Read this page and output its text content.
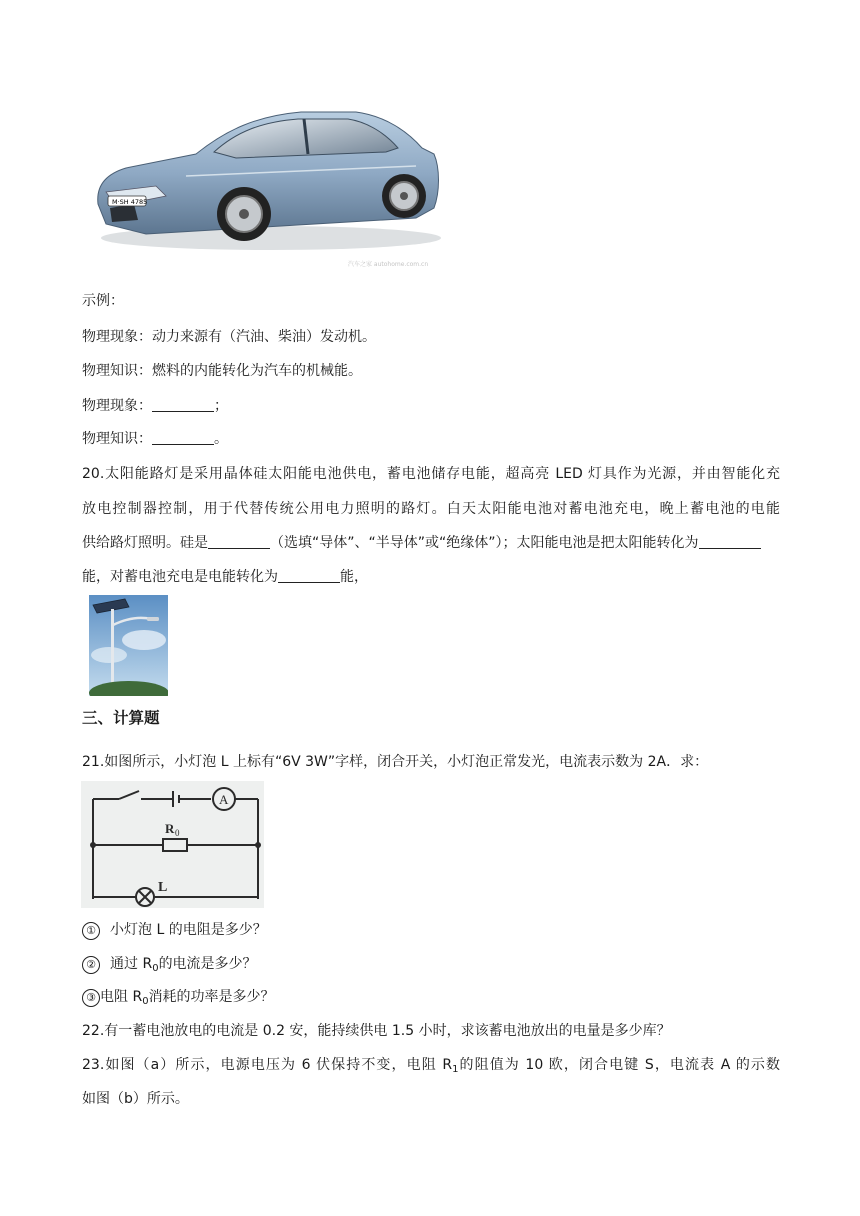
M·SH 4785
汽车之家 autohome.com.cn
示例：
物理现象：动力来源有（汽油、柴油）发动机。
物理知识：燃料的内能转化为汽车的机械能。
物理现象：	；
物理知识：	。
20.太阳能路灯是采用晶体硅太阳能电池供电，蓄电池储存电能，超高亮 LED 灯具作为光源，并由智能化充
放电控制器控制，用于代替传统公用电力照明的路灯。白天太阳能电池对蓄电池充电，晚上蓄电池的电能
供给路灯照明。硅是	（选填“导体”、“半导体”或“绝缘体”）；太阳能电池是把太阳能转化为
能，对蓄电池充电是电能转化为	能，
三、计算题
21.如图所示，小灯泡 L 上标有“6V 3W”字样，闭合开关，小灯泡正常发光，电流表示数为 2A．求：
A
R 0
L
① 小灯泡 L 的电阻是多少？
② 通过 $R_0$的电流是多少？
③ 电阻 $R_0$消耗的功率是多少？
22.有一蓄电池放电的电流是 0.2 安，能持续供电 1.5 小时，求该蓄电池放出的电量是多少库？
23.如图（a）所示，电源电压为 6 伏保持不变，电阻 $R_1$的阻值为 10 欧，闭合电键 S，电流表 A 的示数
如图（b）所示。
